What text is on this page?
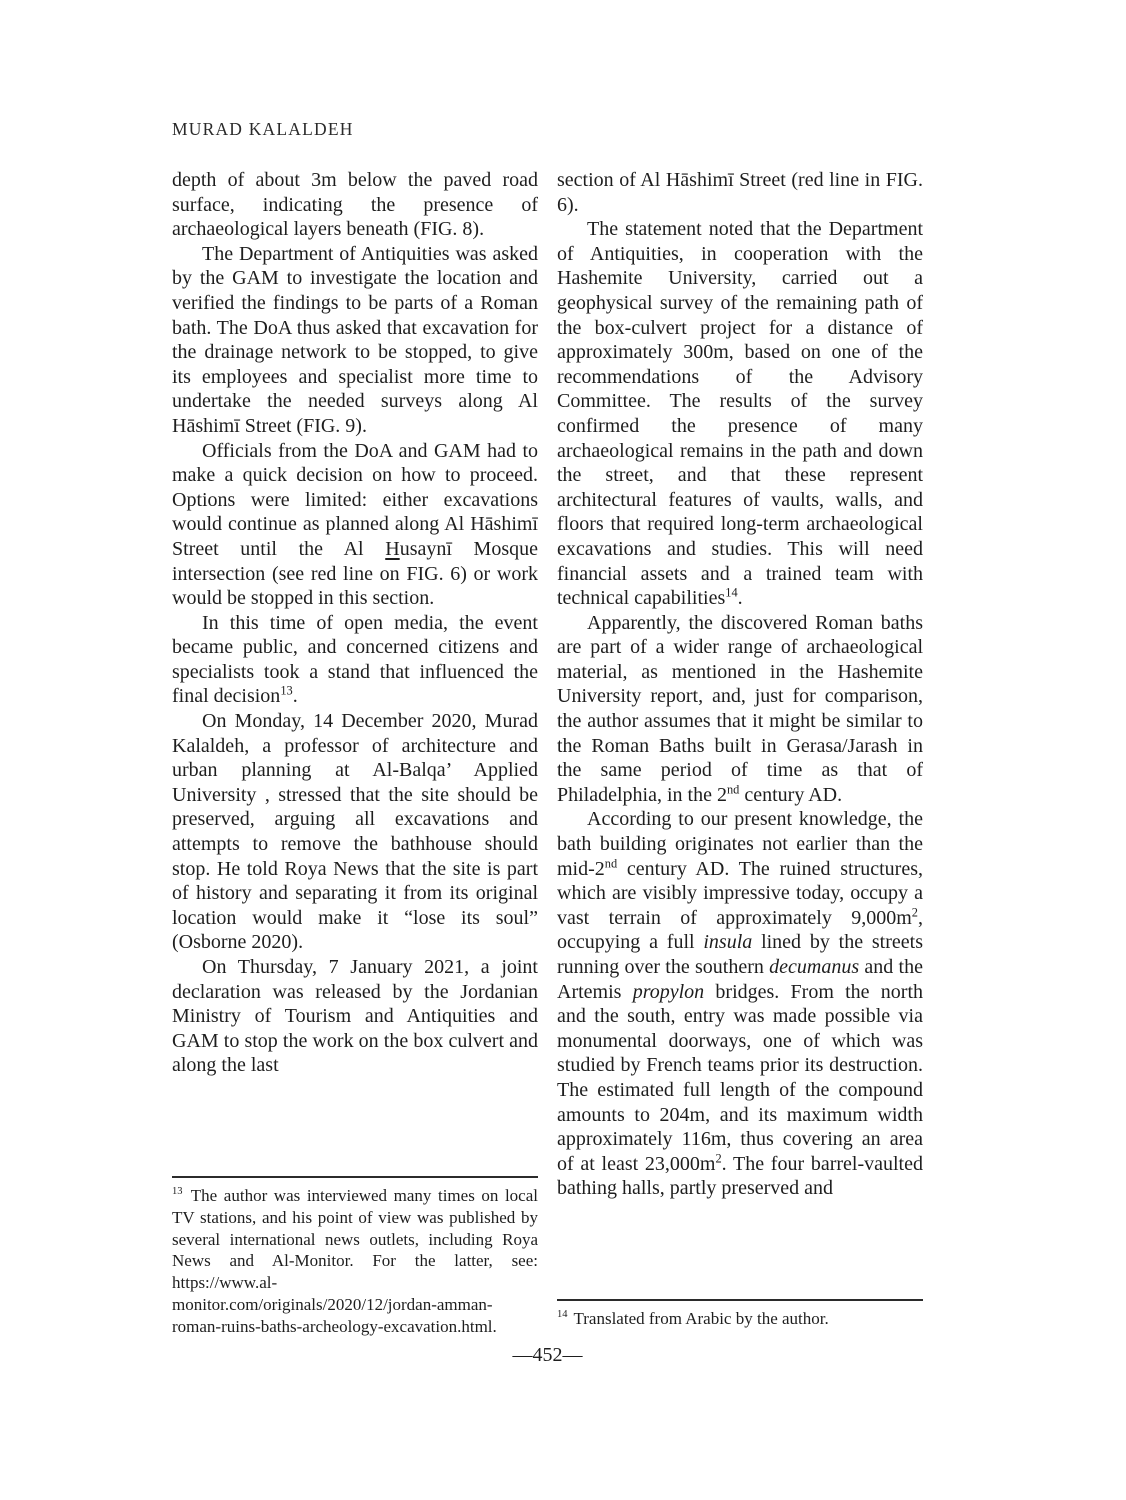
MURAD KALALDEH

depth of about 3m below the paved road surface, indicating the presence of archaeological layers beneath (FIG. 8).

The Department of Antiquities was asked by the GAM to investigate the location and verified the findings to be parts of a Roman bath. The DoA thus asked that excavation for the drainage network to be stopped, to give its employees and specialist more time to undertake the needed surveys along Al Hāshimī Street (FIG. 9).

Officials from the DoA and GAM had to make a quick decision on how to proceed. Options were limited: either excavations would continue as planned along Al Hāshimī Street until the Al Husaynī Mosque intersection (see red line on FIG. 6) or work would be stopped in this section.

In this time of open media, the event became public, and concerned citizens and specialists took a stand that influenced the final decision$^{13}$.

On Monday, 14 December 2020, Murad Kalaldeh, a professor of architecture and urban planning at Al-Balqa’ Applied University , stressed that the site should be preserved, arguing all excavations and attempts to remove the bathhouse should stop. He told Roya News that the site is part of history and separating it from its original location would make it “lose its soul” (Osborne 2020).

On Thursday, 7 January 2021, a joint declaration was released by the Jordanian Ministry of Tourism and Antiquities and GAM to stop the work on the box culvert and along the last

section of Al Hāshimī Street (red line in FIG. 6).

The statement noted that the Department of Antiquities, in cooperation with the Hashemite University, carried out a geophysical survey of the remaining path of the box-culvert project for a distance of approximately 300m, based on one of the recommendations of the Advisory Committee. The results of the survey confirmed the presence of many archaeological remains in the path and down the street, and that these represent architectural features of vaults, walls, and floors that required long-term archaeological excavations and studies. This will need financial assets and a trained team with technical capabilities$^{14}$.

Apparently, the discovered Roman baths are part of a wider range of archaeological material, as mentioned in the Hashemite University report, and, just for comparison, the author assumes that it might be similar to the Roman Baths built in Gerasa/Jarash in the same period of time as that of Philadelphia, in the 2nd century AD.

According to our present knowledge, the bath building originates not earlier than the mid-2nd century AD. The ruined structures, which are visibly impressive today, occupy a vast terrain of approximately $9,000m^2$, occupying a full insula lined by the streets running over the southern decumanus and the Artemis propylon bridges. From the north and the south, entry was made possible via monumental doorways, one of which was studied by French teams prior its destruction. The estimated full length of the compound amounts to 204m, and its maximum width approximately 116m, thus covering an area of at least $23,000m^2$. The four barrel-vaulted bathing halls, partly preserved and

$^{13}$ The author was interviewed many times on local TV stations, and his point of view was published by several international news outlets, including Roya News and Al-Monitor. For the latter, see: https://www.al-monitor.com/originals/2020/12/jordan-amman-roman-ruins-baths-archeology-excavation.html.

$^{14}$ Translated from Arabic by the author.

—452—
